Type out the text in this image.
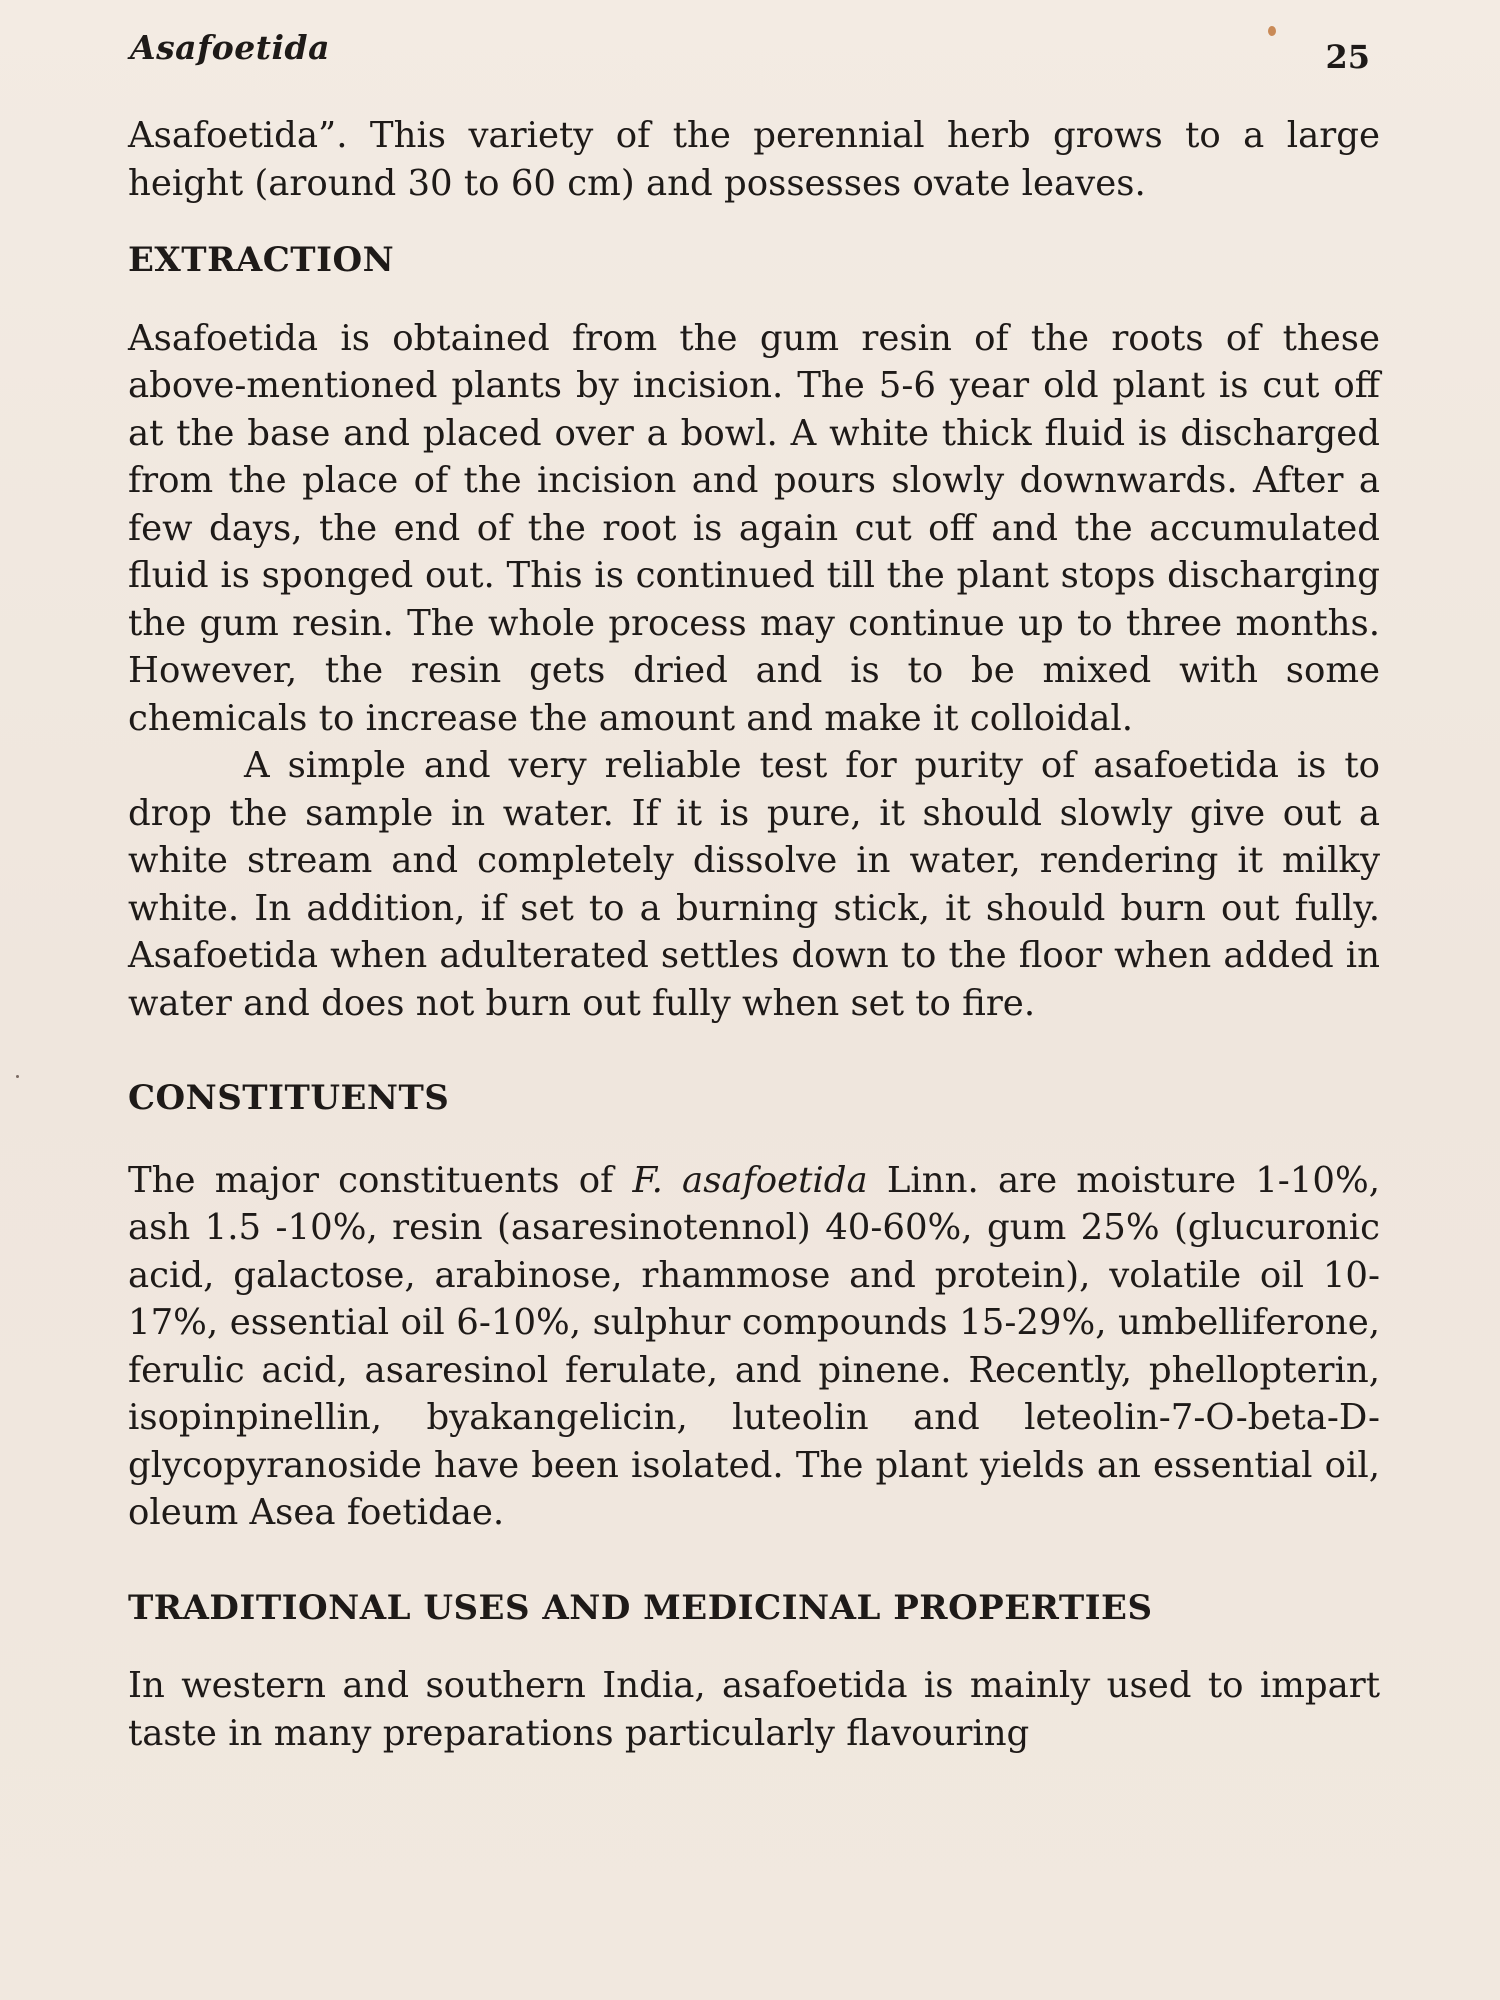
Asafoetida	25

Asafoetida”. This variety of the perennial herb grows to a large height (around 30 to 60 cm) and possesses ovate leaves.

EXTRACTION

Asafoetida is obtained from the gum resin of the roots of these above-mentioned plants by incision. The 5-6 year old plant is cut off at the base and placed over a bowl. A white thick fluid is discharged from the place of the incision and pours slowly downwards. After a few days, the end of the root is again cut off and the accumulated fluid is sponged out. This is continued till the plant stops discharging the gum resin. The whole process may continue up to three months. However, the resin gets dried and is to be mixed with some chemicals to increase the amount and make it colloidal.

A simple and very reliable test for purity of asafoetida is to drop the sample in water. If it is pure, it should slowly give out a white stream and completely dissolve in water, rendering it milky white. In addition, if set to a burning stick, it should burn out fully. Asafoetida when adulterated settles down to the floor when added in water and does not burn out fully when set to fire.

CONSTITUENTS

The major constituents of F. asafoetida Linn. are moisture 1-10%, ash 1.5 -10%, resin (asaresinotennol) 40-60%, gum 25% (glucuronic acid, galactose, arabinose, rhammose and protein), volatile oil 10-17%, essential oil 6-10%, sulphur compounds 15-29%, umbelliferone, ferulic acid, asaresinol ferulate, and pinene. Recently, phellopterin, isopinpinellin, byakangelicin, luteolin and leteolin-7-O-beta-D-glycopyranoside have been isolated. The plant yields an essential oil, oleum Asea foetidae.

TRADITIONAL USES AND MEDICINAL PROPERTIES

In western and southern India, asafoetida is mainly used to impart taste in many preparations particularly flavouring
